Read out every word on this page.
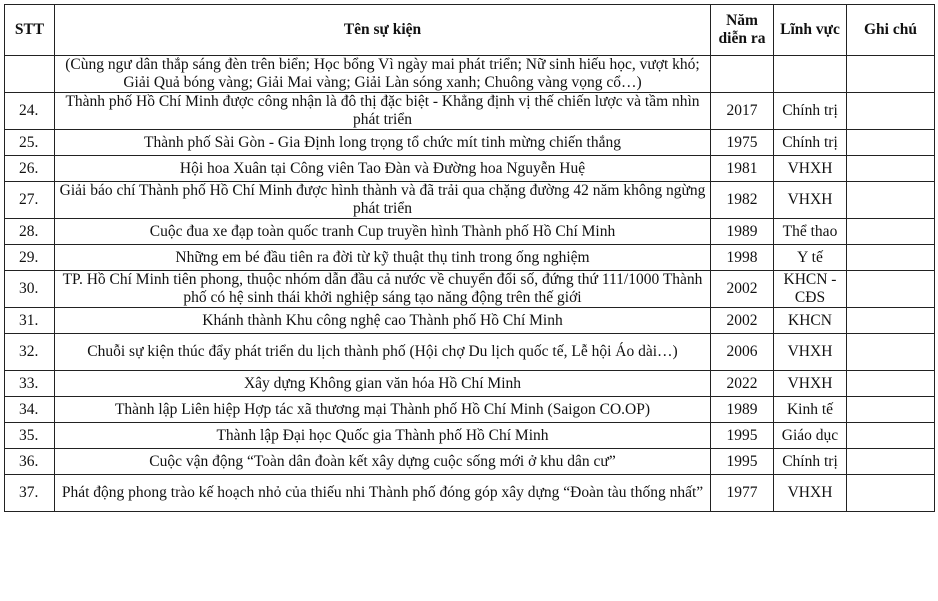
STT	Tên sự kiện	Năm diễn ra	Lĩnh vực	Ghi chú
	(Cùng ngư dân thắp sáng đèn trên biển; Học bổng Vì ngày mai phát triển; Nữ sinh hiếu học, vượt khó; Giải Quả bóng vàng; Giải Mai vàng; Giải Làn sóng xanh; Chuông vàng vọng cổ…)			
24.	Thành phố Hồ Chí Minh được công nhận là đô thị đặc biệt - Khẳng định vị thế chiến lược và tầm nhìn phát triển	2017	Chính trị	
25.	Thành phố Sài Gòn - Gia Định long trọng tổ chức mít tinh mừng chiến thắng	1975	Chính trị	
26.	Hội hoa Xuân tại Công viên Tao Đàn và Đường hoa Nguyễn Huệ	1981	VHXH	
27.	Giải báo chí Thành phố Hồ Chí Minh được hình thành và đã trải qua chặng đường 42 năm không ngừng phát triển	1982	VHXH	
28.	Cuộc đua xe đạp toàn quốc tranh Cup truyền hình Thành phố Hồ Chí Minh	1989	Thể thao	
29.	Những em bé đầu tiên ra đời từ kỹ thuật thụ tinh trong ống nghiệm	1998	Y tế	
30.	TP. Hồ Chí Minh tiên phong, thuộc nhóm dẫn đầu cả nước về chuyển đổi số, đứng thứ 111/1000 Thành phố có hệ sinh thái khởi nghiệp sáng tạo năng động trên thế giới	2002	KHCN - CĐS	
31.	Khánh thành Khu công nghệ cao Thành phố Hồ Chí Minh	2002	KHCN	
32.	Chuỗi sự kiện thúc đẩy phát triển du lịch thành phố (Hội chợ Du lịch quốc tế, Lễ hội Áo dài…)	2006	VHXH	
33.	Xây dựng Không gian văn hóa Hồ Chí Minh	2022	VHXH	
34.	Thành lập Liên hiệp Hợp tác xã thương mại Thành phố Hồ Chí Minh (Saigon CO.OP)	1989	Kinh tế	
35.	Thành lập Đại học Quốc gia Thành phố Hồ Chí Minh	1995	Giáo dục	
36.	Cuộc vận động “Toàn dân đoàn kết xây dựng cuộc sống mới ở khu dân cư”	1995	Chính trị	
37.	Phát động phong trào kế hoạch nhỏ của thiếu nhi Thành phố đóng góp xây dựng “Đoàn tàu thống nhất”	1977	VHXH	
